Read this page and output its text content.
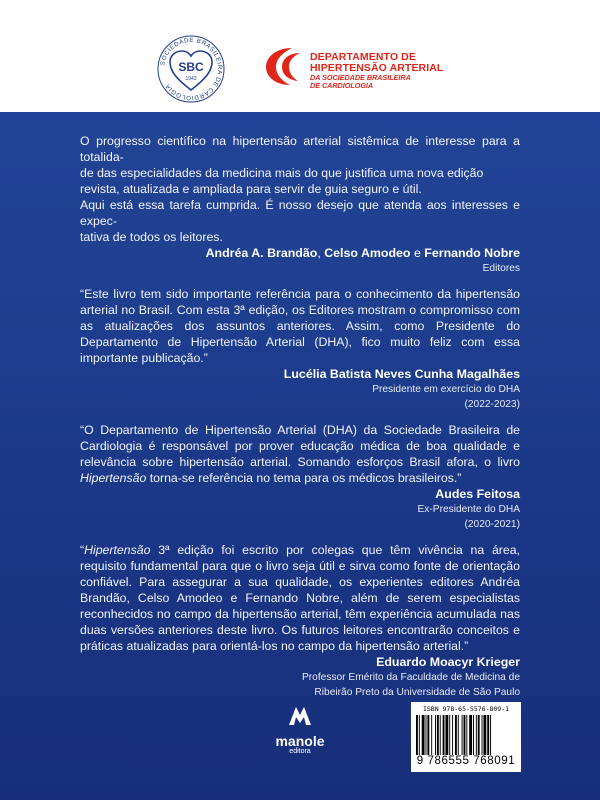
SOCIEDADE BRASILEIRA DE CARDIOLOGIA
SBC
1943
DEPARTAMENTO DE
HIPERTENSÃO ARTERIAL
DA SOCIEDADE BRASILEIRA
DE CARDIOLOGIA

O progresso científico na hipertensão arterial sistêmica de interesse para a totalida-

de das especialidades da medicina mais do que justifica uma nova edição revista, atualizada e ampliada para servir de guia seguro e útil.

Aqui está essa tarefa cumprida. É nosso desejo que atenda aos interesses e expec-

tativa de todos os leitores.

Andréa A. Brandão, Celso Amodeo e Fernando Nobre
Editores

“Este livro tem sido importante referência para o conhecimento da hipertensão arterial no Brasil. Com esta 3ª edição, os Editores mostram o compromisso com as atualizações dos assuntos anteriores. Assim, como Presidente do Departamento de Hipertensão Arterial (DHA), fico muito feliz com essa importante publicação.”

Lucélia Batista Neves Cunha Magalhães
Presidente em exercício do DHA
(2022-2023)

“O Departamento de Hipertensão Arterial (DHA) da Sociedade Brasileira de Cardiologia é responsável por prover educação médica de boa qualidade e relevância sobre hipertensão arterial. Somando esforços Brasil afora, o livro Hipertensão torna-se referência no tema para os médicos brasileiros.”

Audes Feitosa
Ex-Presidente do DHA
(2020-2021)

“Hipertensão 3ª edição foi escrito por colegas que têm vivência na área, requisito fundamental para que o livro seja útil e sirva como fonte de orientação confiável. Para assegurar a sua qualidade, os experientes editores Andréa Brandão, Celso Amodeo e Fernando Nobre, além de serem especialistas reconhecidos no campo da hipertensão arterial, têm experiência acumulada nas duas versões anteriores deste livro. Os futuros leitores encontrarão conceitos e práticas atualizadas para orientá-los no campo da hipertensão arterial.”

Eduardo Moacyr Krieger
Professor Emérito da Faculdade de Medicina de
Ribeirão Preto da Universidade de São Paulo
manole
editora
ISBN 978-65-5576-809-1
9 786555 768091
